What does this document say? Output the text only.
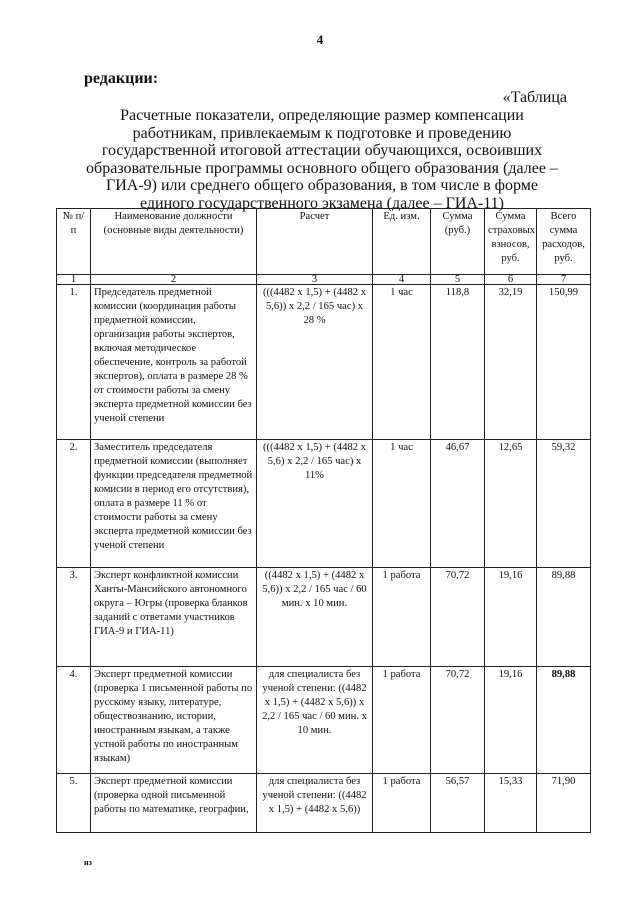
4
редакции:
«Таблица
Расчетные показатели, определяющие размер компенсации работникам, привлекаемым к подготовке и проведению государственной итоговой аттестации обучающихся, освоивших образовательные программы основного общего образования (далее – ГИА-9) или среднего общего образования, в том числе в форме единого государственного экзамена (далее – ГИА-11)
№ п/п	Наименование должности (основные виды деятельности)	Расчет	Ед. изм.	Сумма (руб.)	Сумма страховых взносов, руб.	Всего сумма расходов, руб.
1	2	3	4	5	6	7
1.	Председатель предметной комиссии (координация работы предметной комиссии, организация работы экспертов, включая методическое обеспечение, контроль за работой экспертов), оплата в размере 28 % от стоимости работы за смену эксперта предметной комиссии без ученой степени	(((4482 х 1,5) + (4482 х 5,6)) х 2,2 / 165 час) х 28 %	1 час	118,8	32,19	150,99
2.	Заместитель председателя предметной комиссии (выполняет функции председателя предметной комисии в период его отсутствия), оплата в размере 11 % от стоимости работы за смену эксперта предметной комиссии без ученой степени	(((4482 х 1,5) + (4482 х 5,6) х 2,2 / 165 час) х 11%	1 час	46,67	12,65	59,32
3.	Эксперт конфликтной комиссии Ханты-Мансийского автономного округа – Югры (проверка бланков заданий с ответами участников ГИА-9 и ГИА-11)	((4482 х 1,5) + (4482 х 5,6)) х 2,2 / 165 час / 60 мин. х 10 мин.	1 работа	70,72	19,16	89,88
4.	Эксперт предметной комиссии (проверка 1 письменной работы по русскому языку, литературе, обществознанию, истории, иностранным языкам, а также устной работы по иностранным языкам)	для специалиста без ученой степени: ((4482 х 1,5) + (4482 х 5,6)) х 2,2 / 165 час / 60 мин. х 10 мин.	1 работа	70,72	19,16	89,88
5.	Эксперт предметной комиссии (проверка одной письменной работы по математике, географии,	для специалиста без ученой степени: ((4482 х 1,5) + (4482 х 5,6))	1 работа	56,57	15,33	71,90
нз
